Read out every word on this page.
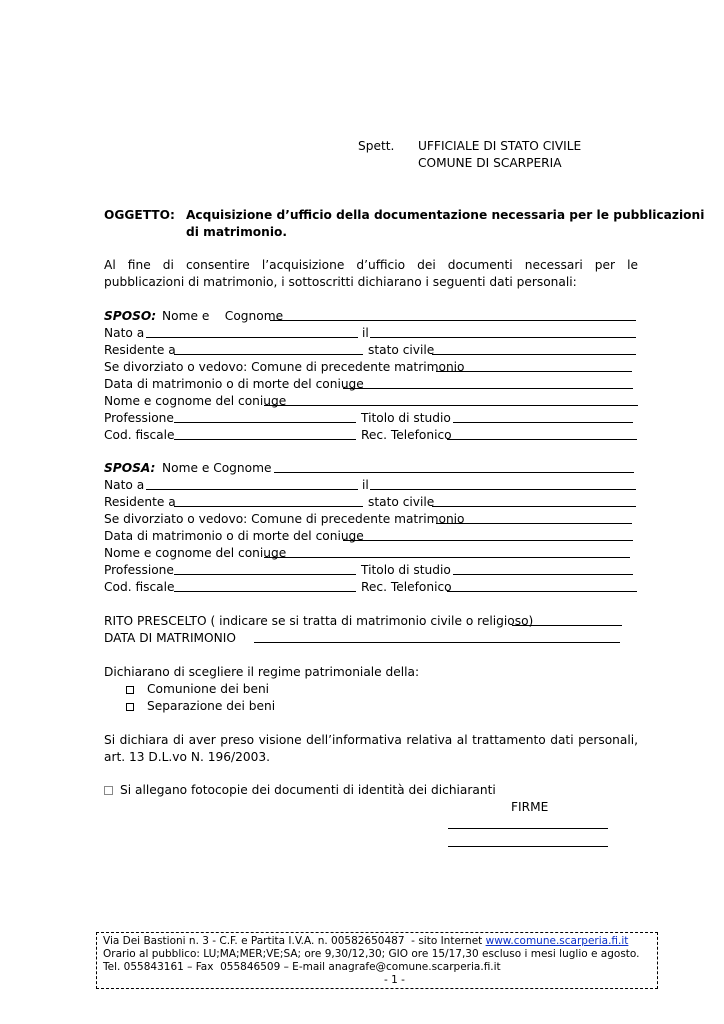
Spett. UFFICIALE DI STATO CIVILE
COMUNE DI SCARPERIA
OGGETTO: Acquisizione d’ufficio della documentazione necessaria per le pubblicazioni
di matrimonio.
Al fine di consentire l’acquisizione d’ufficio dei documenti necessari per le pubblicazioni di matrimonio, i sottoscritti dichiarano i seguenti dati personali:
SPOSO: Nome e    Cognome
Nato a	il
Residente a	stato civile
Se divorziato o vedovo: Comune di precedente matrimonio
Data di matrimonio o di morte del coniuge
Nome e cognome del coniuge
Professione	Titolo di studio
Cod. fiscale	Rec. Telefonico
SPOSA: Nome e Cognome
Nato a	il
Residente a	stato civile
Se divorziato o vedovo: Comune di precedente matrimonio
Data di matrimonio o di morte del coniuge
Nome e cognome del coniuge
Professione	Titolo di studio
Cod. fiscale	Rec. Telefonico
RITO PRESCELTO ( indicare se si tratta di matrimonio civile o religioso)
DATA DI MATRIMONIO
Dichiarano di scegliere il regime patrimoniale della:
Comunione dei beni
Separazione dei beni
Si dichiara di aver preso visione dell’informativa relativa al trattamento dati personali, art. 13 D.L.vo N. 196/2003.
Si allegano fotocopie dei documenti di identità dei dichiaranti
FIRME
Via Dei Bastioni n. 3 - C.F. e Partita I.V.A. n. 00582650487  - sito Internet www.comune.scarperia.fi.it
Orario al pubblico: LU;MA;MER;VE;SA; ore 9,30/12,30; GIO ore 15/17,30 escluso i mesi luglio e agosto.
Tel. 055843161 – Fax  055846509 – E-mail anagrafe@comune.scarperia.fi.it
- 1 -
